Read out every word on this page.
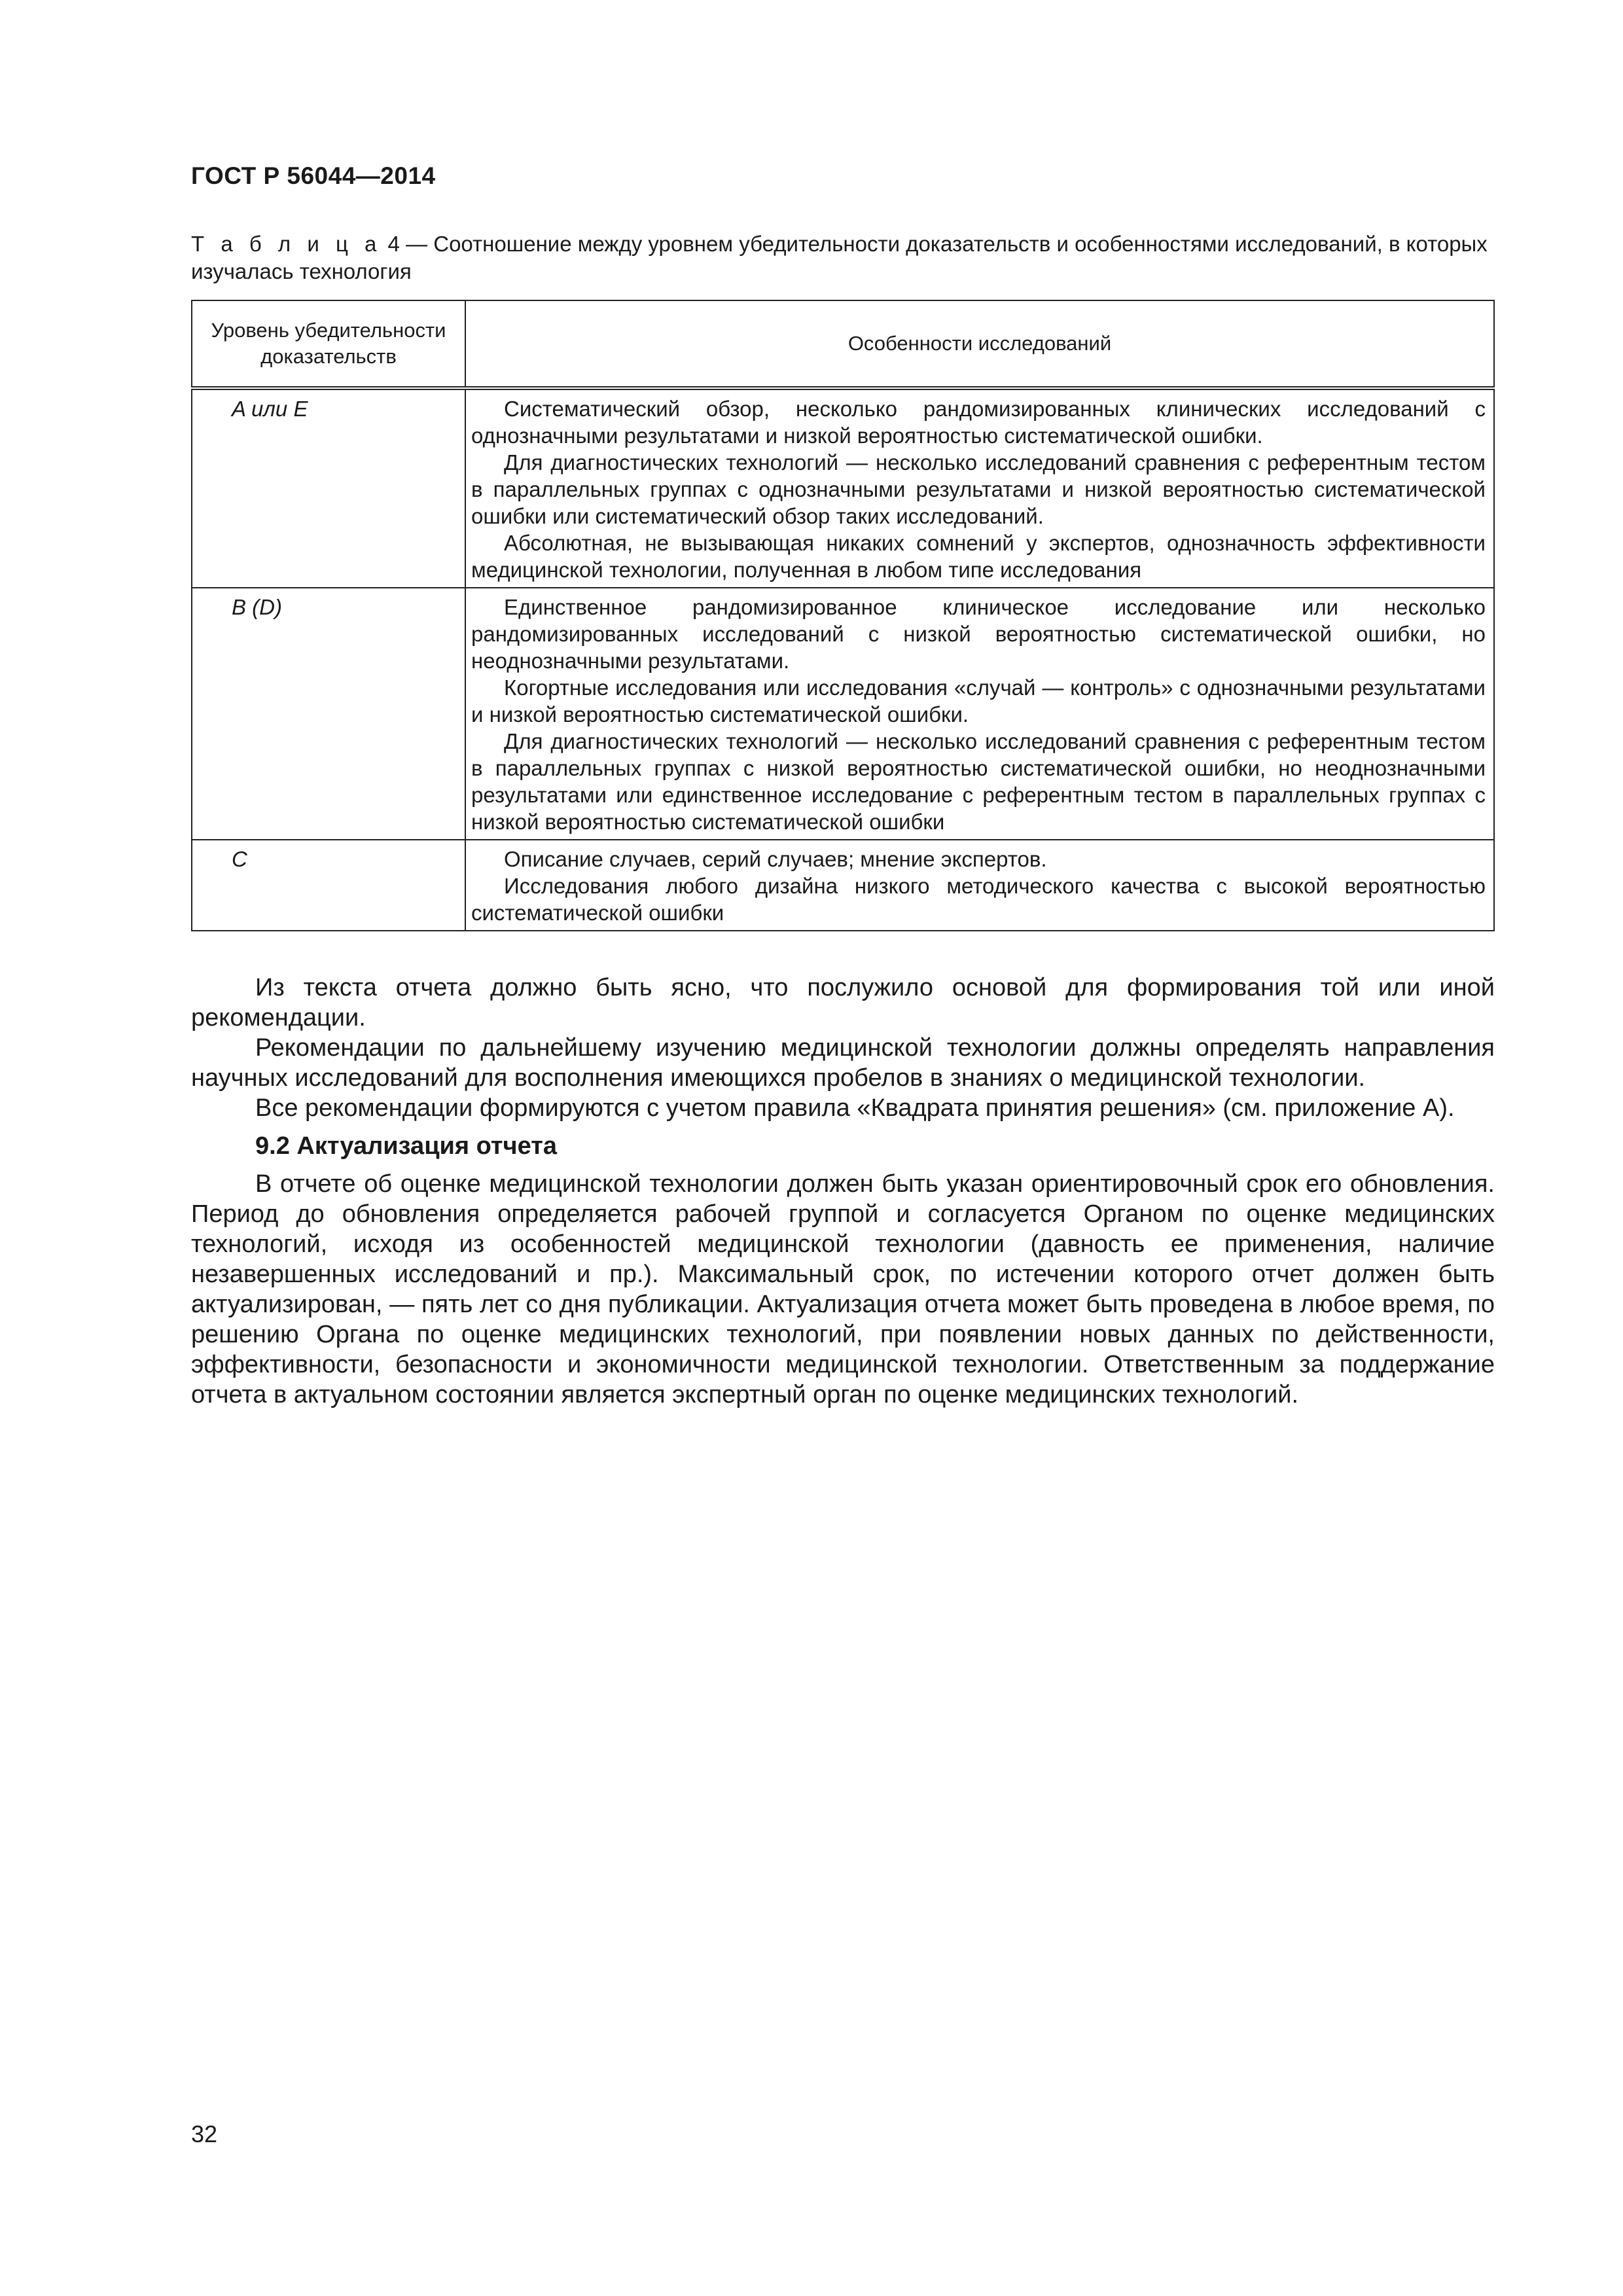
ГОСТ Р 56044—2014
Т а б л и ц а 4 — Соотношение между уровнем убедительности доказательств и особенностями исследований, в которых изучалась технология
Уровень убедительности доказательств	Особенности исследований
A или E	Систематический обзор, несколько рандомизированных клинических исследований с однозначными результатами и низкой вероятностью систематической ошибки.

Для диагностических технологий — несколько исследований сравнения с референтным тестом в параллельных группах с однозначными результатами и низкой вероятностью систематической ошибки или систематический обзор таких исследований.

Абсолютная, не вызывающая никаких сомнений у экспертов, однозначность эффективности медицинской технологии, полученная в любом типе исследования

B (D)	Единственное рандомизированное клиническое исследование или несколько рандомизированных исследований с низкой вероятностью систематической ошибки, но неоднозначными результатами.

Когортные исследования или исследования «случай — контроль» с однозначными результатами и низкой вероятностью систематической ошибки.

Для диагностических технологий — несколько исследований сравнения с референтным тестом в параллельных группах с низкой вероятностью систематической ошибки, но неоднозначными результатами или единственное исследование с референтным тестом в параллельных группах с низкой вероятностью систематической ошибки

C	Описание случаев, серий случаев; мнение экспертов.

Исследования любого дизайна низкого методического качества с высокой вероятностью систематической ошибки

Из текста отчета должно быть ясно, что послужило основой для формирования той или иной рекомендации.

Рекомендации по дальнейшему изучению медицинской технологии должны определять направления научных исследований для восполнения имеющихся пробелов в знаниях о медицинской технологии.

Все рекомендации формируются с учетом правила «Квадрата принятия решения» (см. приложение А).

9.2 Актуализация отчета

В отчете об оценке медицинской технологии должен быть указан ориентировочный срок его обновления. Период до обновления определяется рабочей группой и согласуется Органом по оценке медицинских технологий, исходя из особенностей медицинской технологии (давность ее применения, наличие незавершенных исследований и пр.). Максимальный срок, по истечении которого отчет должен быть актуализирован, — пять лет со дня публикации. Актуализация отчета может быть проведена в любое время, по решению Органа по оценке медицинских технологий, при появлении новых данных по действенности, эффективности, безопасности и экономичности медицинской технологии. Ответственным за поддержание отчета в актуальном состоянии является экспертный орган по оценке медицинских технологий.

32
